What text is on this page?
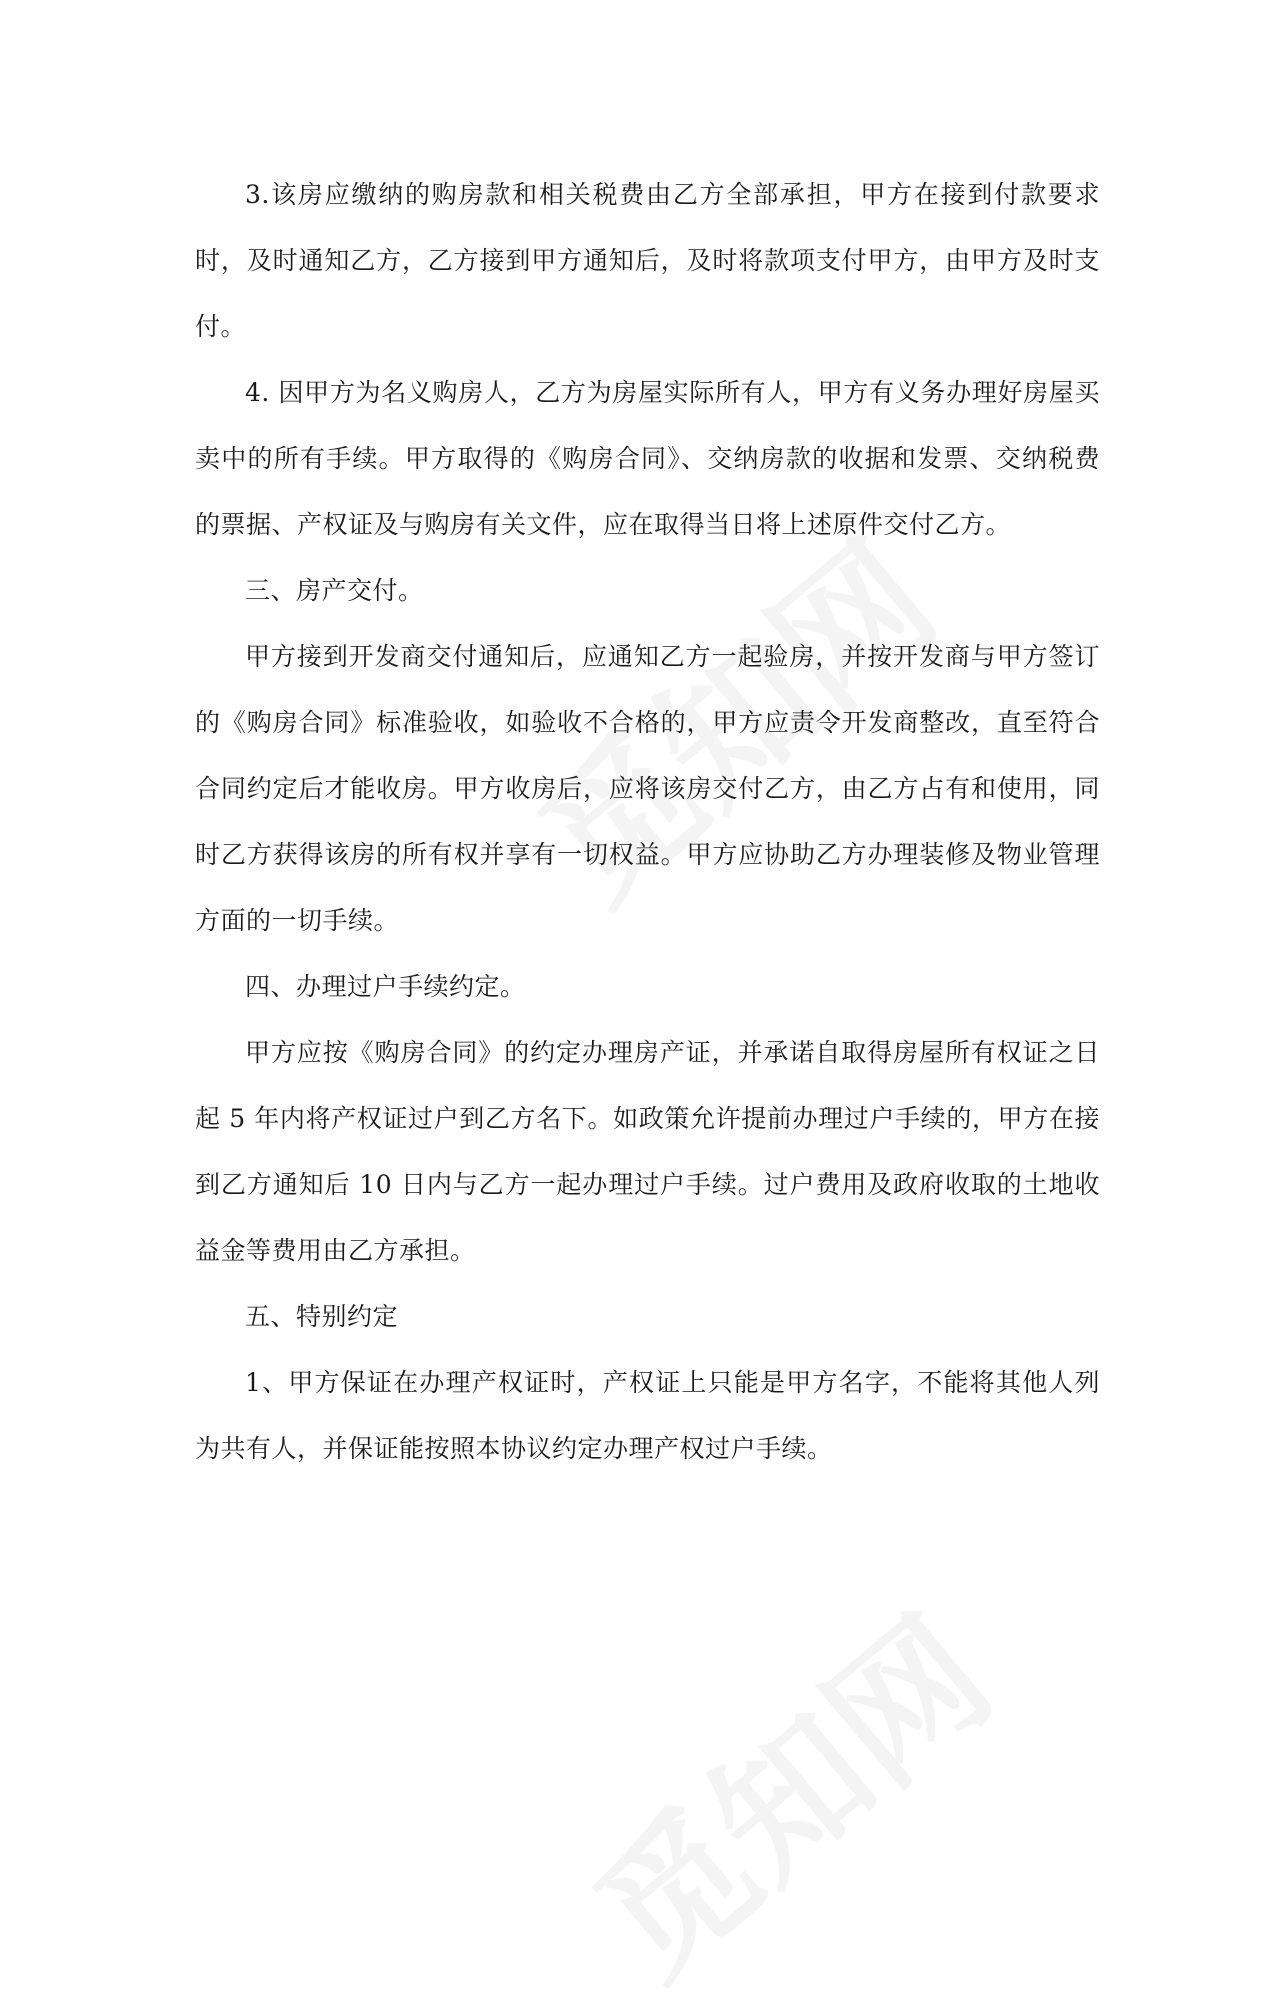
3.该房应缴纳的购房款和相关税费由乙方全部承担，甲方在接到付款要求时，及时通知乙方，乙方接到甲方通知后，及时将款项支付甲方，由甲方及时支付。

4. 因甲方为名义购房人，乙方为房屋实际所有人，甲方有义务办理好房屋买卖中的所有手续。甲方取得的《购房合同》、交纳房款的收据和发票、交纳税费的票据、产权证及与购房有关文件，应在取得当日将上述原件交付乙方。

三、房产交付。

甲方接到开发商交付通知后，应通知乙方一起验房，并按开发商与甲方签订的《购房合同》标准验收，如验收不合格的，甲方应责令开发商整改，直至符合合同约定后才能收房。甲方收房后，应将该房交付乙方，由乙方占有和使用，同时乙方获得该房的所有权并享有一切权益。甲方应协助乙方办理装修及物业管理方面的一切手续。

四、办理过户手续约定。

甲方应按《购房合同》的约定办理房产证，并承诺自取得房屋所有权证之日起 5 年内将产权证过户到乙方名下。如政策允许提前办理过户手续的，甲方在接到乙方通知后 10 日内与乙方一起办理过户手续。过户费用及政府收取的土地收益金等费用由乙方承担。

五、特别约定

1、甲方保证在办理产权证时，产权证上只能是甲方名字，不能将其他人列为共有人，并保证能按照本协议约定办理产权过户手续。
